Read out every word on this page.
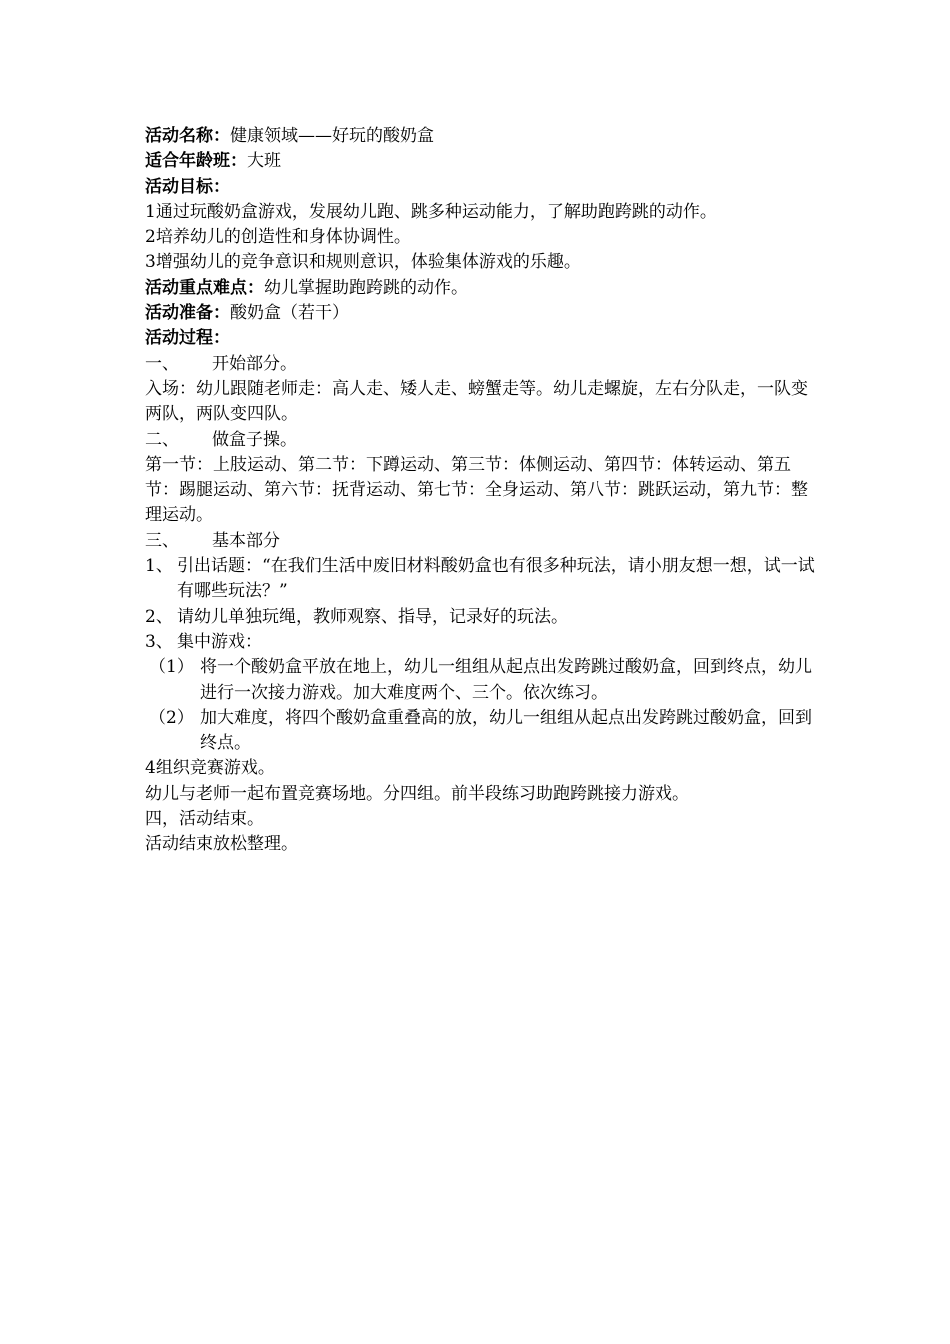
活动名称：健康领域——好玩的酸奶盒
适合年龄班：大班
活动目标：
1通过玩酸奶盒游戏，发展幼儿跑、跳多种运动能力，了解助跑跨跳的动作。
2培养幼儿的创造性和身体协调性。
3增强幼儿的竞争意识和规则意识，体验集体游戏的乐趣。
活动重点难点：幼儿掌握助跑跨跳的动作。
活动准备：酸奶盒（若干）
活动过程：
一、 开始部分。
入场：幼儿跟随老师走：高人走、矮人走、螃蟹走等。幼儿走螺旋，左右分队走，一队变两队，两队变四队。
二、 做盒子操。
第一节：上肢运动、第二节：下蹲运动、第三节：体侧运动、第四节：体转运动、第五节：踢腿运动、第六节：抚背运动、第七节：全身运动、第八节：跳跃运动，第九节：整理运动。
三、 基本部分
1、 引出话题：“在我们生活中废旧材料酸奶盒也有很多种玩法，请小朋友想一想，试一试有哪些玩法？”
2、 请幼儿单独玩绳，教师观察、指导，记录好的玩法。
3、 集中游戏：
（1） 将一个酸奶盒平放在地上，幼儿一组组从起点出发跨跳过酸奶盒，回到终点，幼儿进行一次接力游戏。加大难度两个、三个。依次练习。
（2） 加大难度，将四个酸奶盒重叠高的放，幼儿一组组从起点出发跨跳过酸奶盒，回到终点。
4组织竞赛游戏。
幼儿与老师一起布置竞赛场地。分四组。前半段练习助跑跨跳接力游戏。
四，活动结束。
活动结束放松整理。
